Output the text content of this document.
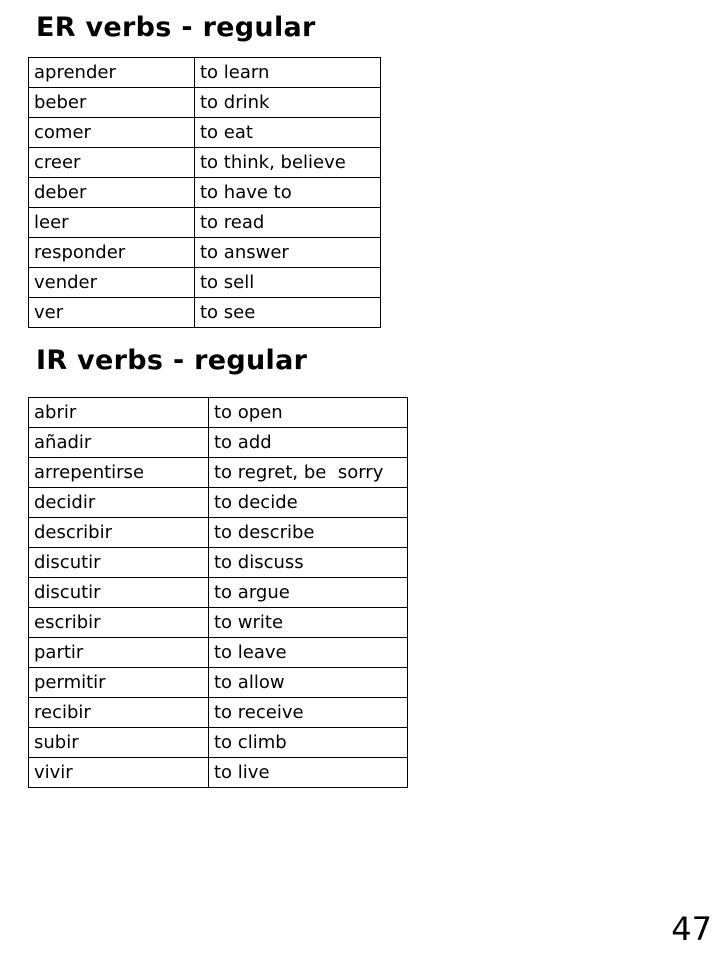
ER verbs - regular
aprender	to learn
beber	to drink
comer	to eat
creer	to think, believe
deber	to have to
leer	to read
responder	to answer
vender	to sell
ver	to see
IR verbs - regular
abrir	to open
añadir	to add
arrepentirse	to regret, be  sorry
decidir	to decide
describir	to describe
discutir	to discuss
discutir	to argue
escribir	to write
partir	to leave
permitir	to allow
recibir	to receive
subir	to climb
vivir	to live
47
